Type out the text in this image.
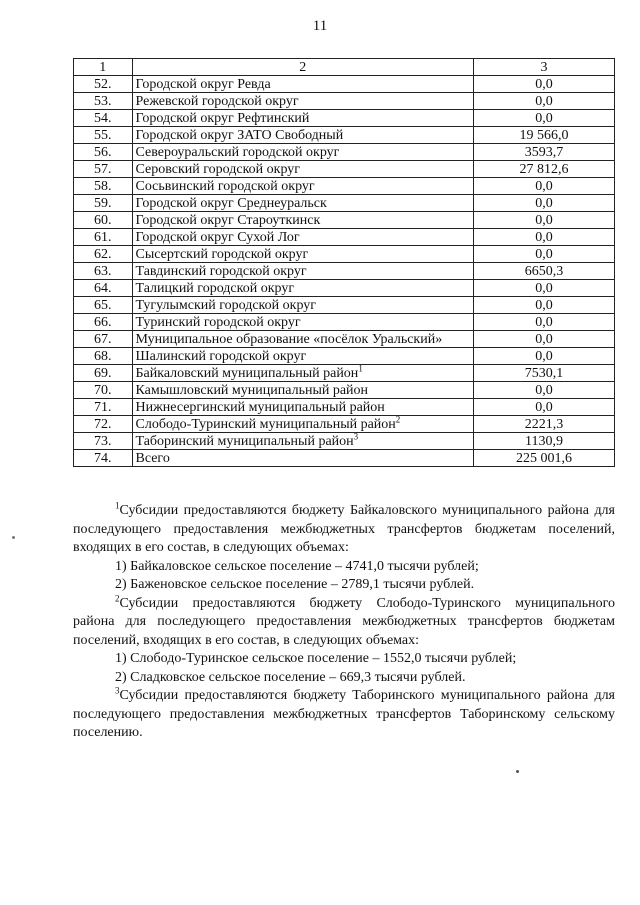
11
1	2	3
52.	Городской округ Ревда	0,0
53.	Режевской городской округ	0,0
54.	Городской округ Рефтинский	0,0
55.	Городской округ ЗАТО Свободный	19 566,0
56.	Североуральский городской округ	3593,7
57.	Серовский городской округ	27 812,6
58.	Сосьвинский городской округ	0,0
59.	Городской округ Среднеуральск	0,0
60.	Городской округ Староуткинск	0,0
61.	Городской округ Сухой Лог	0,0
62.	Сысертский городской округ	0,0
63.	Тавдинский городской округ	6650,3
64.	Талицкий городской округ	0,0
65.	Тугулымский городской округ	0,0
66.	Туринский городской округ	0,0
67.	Муниципальное образование «посёлок Уральский»	0,0
68.	Шалинский городской округ	0,0
69.	Байкаловский муниципальный район$^1$	7530,1
70.	Камышловский муниципальный район	0,0
71.	Нижнесергинский муниципальный район	0,0
72.	Слободо-Туринский муниципальный район$^2$	2221,3
73.	Таборинский муниципальный район$^3$	1130,9
74.	Всего	225 001,6

$^1$Субсидии предоставляются бюджету Байкаловского муниципального района для последующего предоставления межбюджетных трансфертов бюджетам поселений, входящих в его состав, в следующих объемах:

1) Байкаловское сельское поселение – 4741,0 тысячи рублей;

2) Баженовское сельское поселение – 2789,1 тысячи рублей.

$^2$Субсидии предоставляются бюджету Слободо-Туринского муниципального района для последующего предоставления межбюджетных трансфертов бюджетам поселений, входящих в его состав, в следующих объемах:

1) Слободо-Туринское сельское поселение – 1552,0 тысячи рублей;

2) Сладковское сельское поселение – 669,3 тысячи рублей.

$^3$Субсидии предоставляются бюджету Таборинского муниципального района для последующего предоставления межбюджетных трансфертов Таборинскому сельскому поселению.
